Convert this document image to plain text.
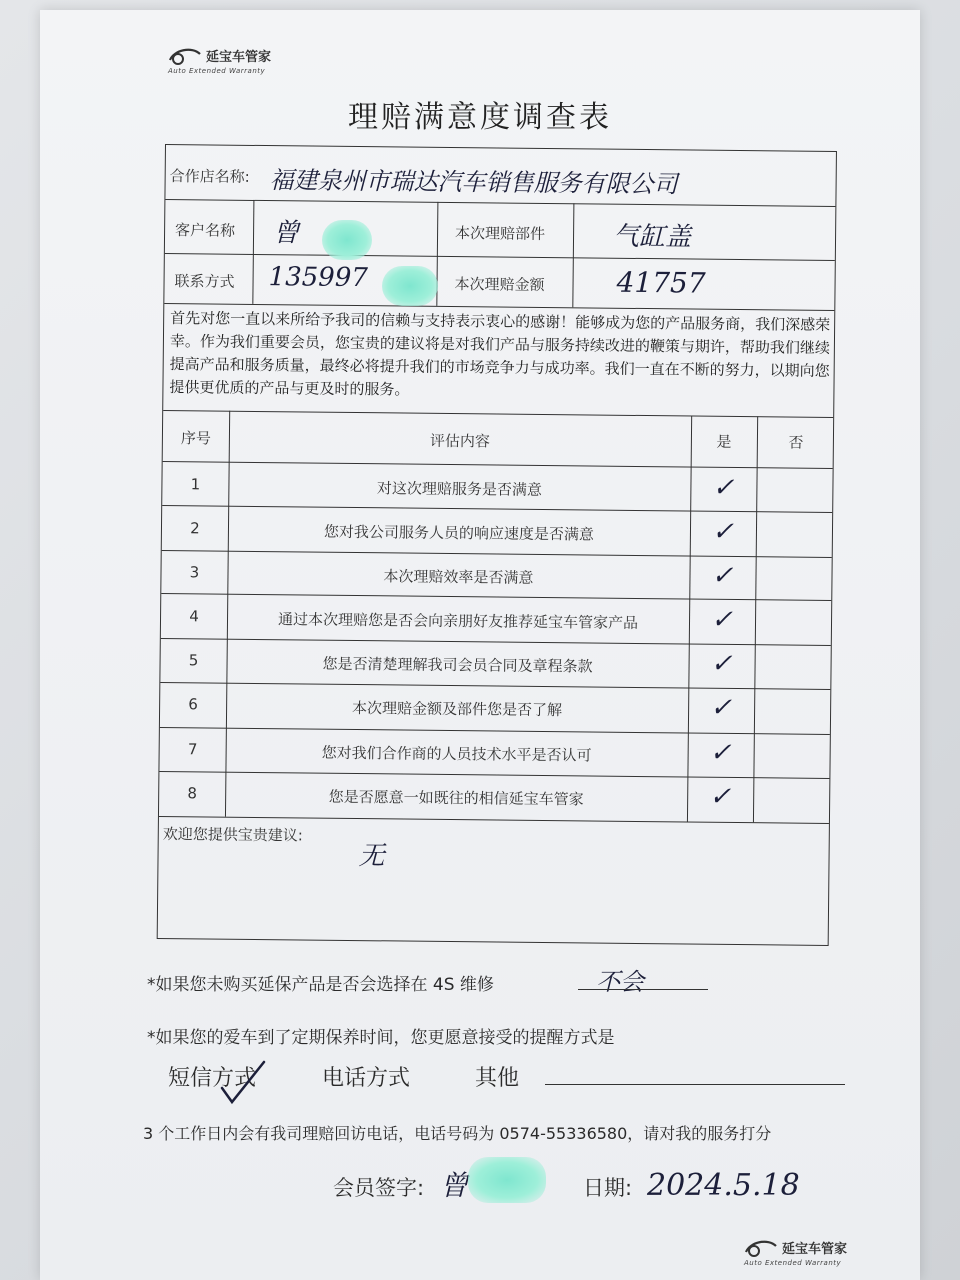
延宝车管家
Auto Extended Warranty
理赔满意度调查表
合作店名称: 福建泉州市瑞达汽车销售服务有限公司
客户名称 曾	本次理赔部件	气缸盖
联系方式 135997	本次理赔金额	41757
首先对您一直以来所给予我司的信赖与支持表示衷心的感谢！能够成为您的产品服务商，我们深感荣幸。作为我们重要会员，您宝贵的建议将是对我们产品与服务持续改进的鞭策与期许，帮助我们继续提高产品和服务质量，最终必将提升我们的市场竞争力与成功率。我们一直在不断的努力，以期向您提供更优质的产品与更及时的服务。
序号	评估内容	是	否
1	对这次理赔服务是否满意	✓
2	您对我公司服务人员的响应速度是否满意	✓
3	本次理赔效率是否满意	✓
4	通过本次理赔您是否会向亲朋好友推荐延宝车管家产品	✓
5	您是否清楚理解我司会员合同及章程条款	✓
6	本次理赔金额及部件您是否了解	✓
7	您对我们合作商的人员技术水平是否认可	✓
8	您是否愿意一如既往的相信延宝车管家	✓
欢迎您提供宝贵建议:
无
*如果您未购买延保产品是否会选择在 4S 维修	不会
*如果您的爱车到了定期保养时间，您更愿意接受的提醒方式是
短信方式	电话方式	其他
3 个工作日内会有我司理赔回访电话，电话号码为 0574-55336580，请对我的服务打分
会员签字: 曾	日期: 2024.5.18
延宝车管家
Auto Extended Warranty
